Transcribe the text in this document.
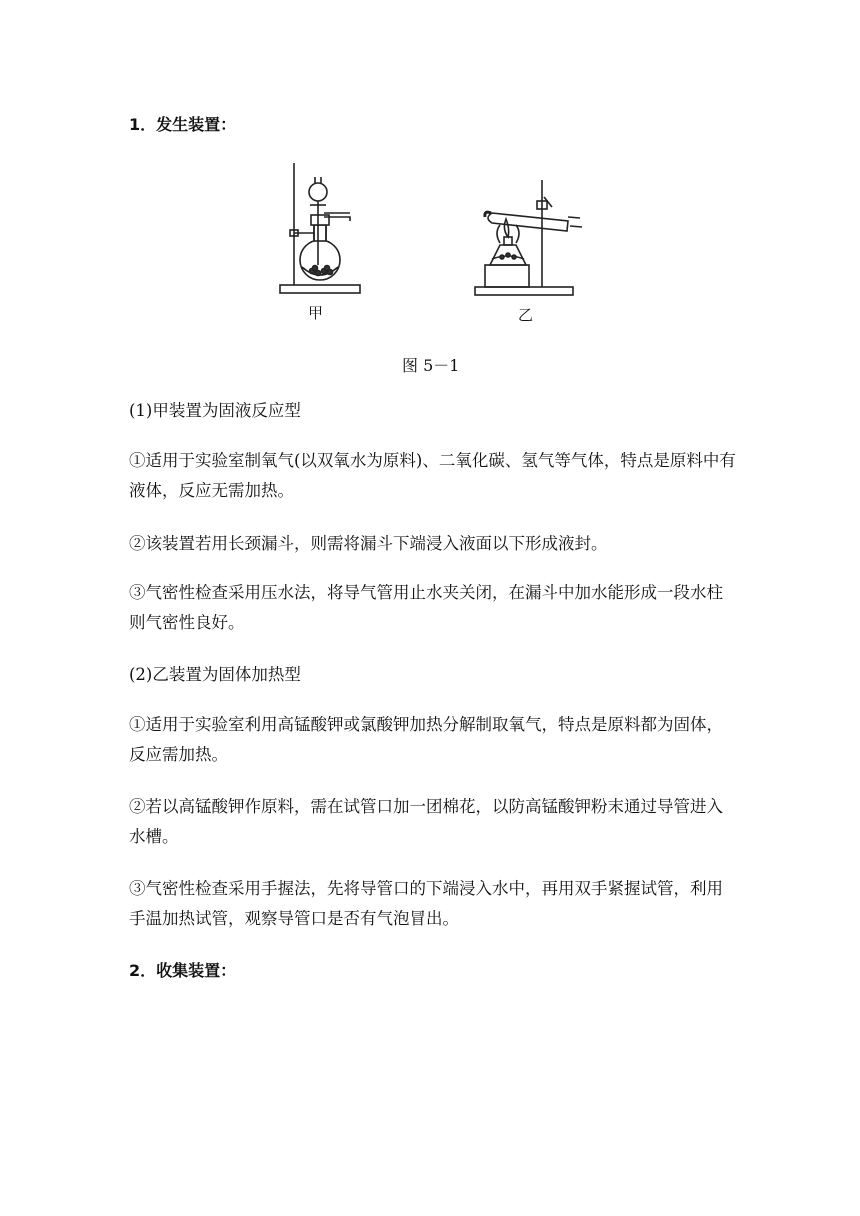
1．发生装置：
甲	乙
图 5－1
(1)甲装置为固液反应型
①适用于实验室制氧气(以双氧水为原料)、二氧化碳、氢气等气体，特点是原料中有液体，反应无需加热。
②该装置若用长颈漏斗，则需将漏斗下端浸入液面以下形成液封。
③气密性检查采用压水法，将导气管用止水夹关闭，在漏斗中加水能形成一段水柱则气密性良好。
(2)乙装置为固体加热型
①适用于实验室利用高锰酸钾或氯酸钾加热分解制取氧气，特点是原料都为固体，反应需加热。
②若以高锰酸钾作原料，需在试管口加一团棉花，以防高锰酸钾粉末通过导管进入水槽。
③气密性检查采用手握法，先将导管口的下端浸入水中，再用双手紧握试管，利用手温加热试管，观察导管口是否有气泡冒出。
2．收集装置：
